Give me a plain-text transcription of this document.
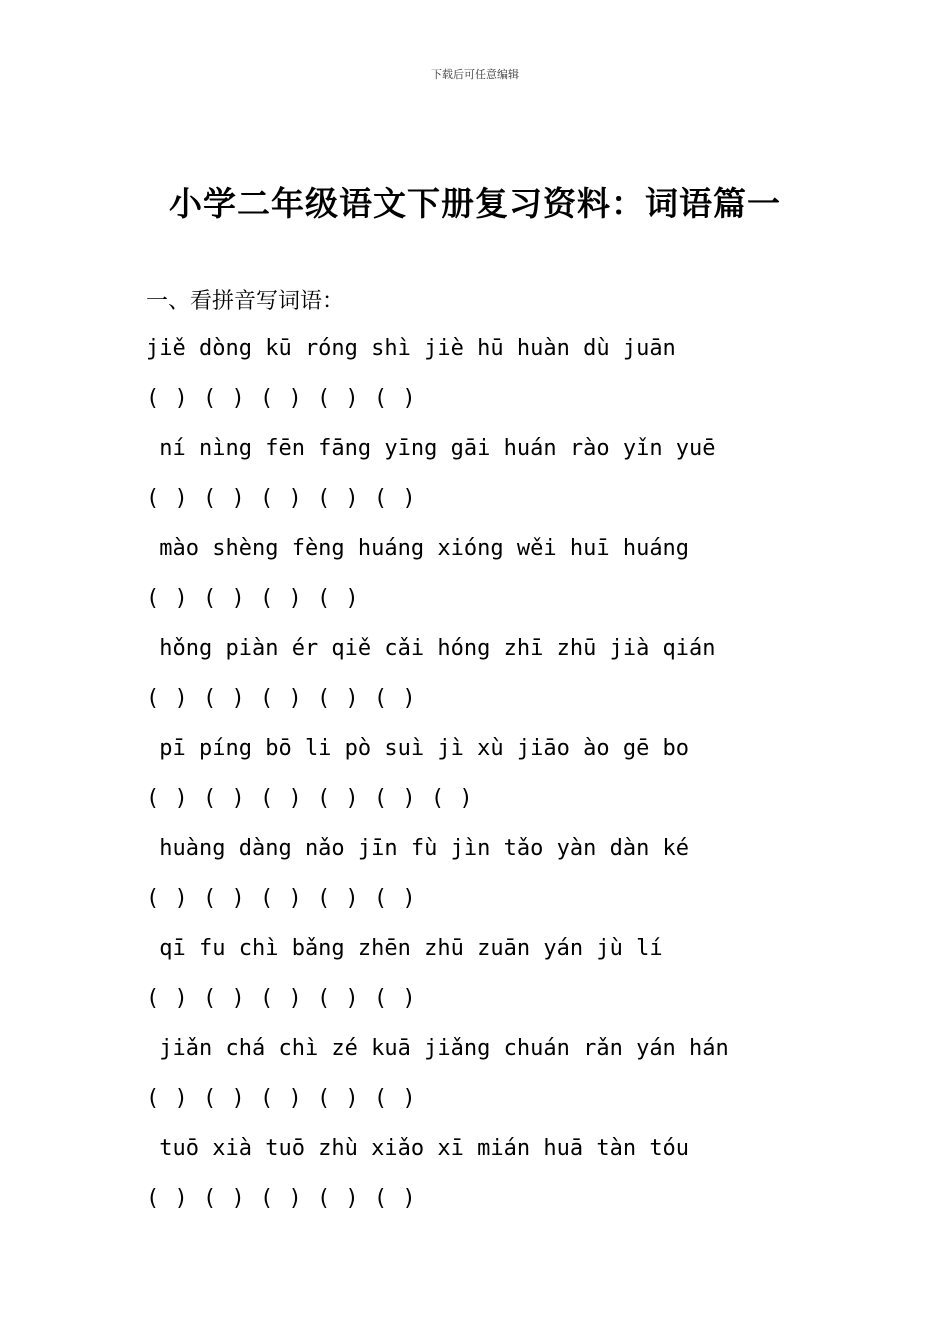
下载后可任意编辑
小学二年级语文下册复习资料：词语篇一
一、看拼音写词语：
jiě dòng kū róng shì jiè hū huàn dù juān
( ) ( ) ( ) ( ) ( )
ní nìng fēn fāng yīng gāi huán rào yǐn yuē
( ) ( ) ( ) ( ) ( )
mào shèng fèng huáng xióng wěi huī huáng
( ) ( ) ( ) ( )
hǒng piàn ér qiě cǎi hóng zhī zhū jià qián
( ) ( ) ( ) ( ) ( )
pī píng bō li pò suì jì xù jiāo ào gē bo
( ) ( ) ( ) ( ) ( ) ( )
huàng dàng nǎo jīn fù jìn tǎo yàn dàn ké
( ) ( ) ( ) ( ) ( )
qī fu chì bǎng zhēn zhū zuān yán jù lí
( ) ( ) ( ) ( ) ( )
jiǎn chá chì zé kuā jiǎng chuán rǎn yán hán
( ) ( ) ( ) ( ) ( )
tuō xià tuō zhù xiǎo xī mián huā tàn tóu
( ) ( ) ( ) ( ) ( )
